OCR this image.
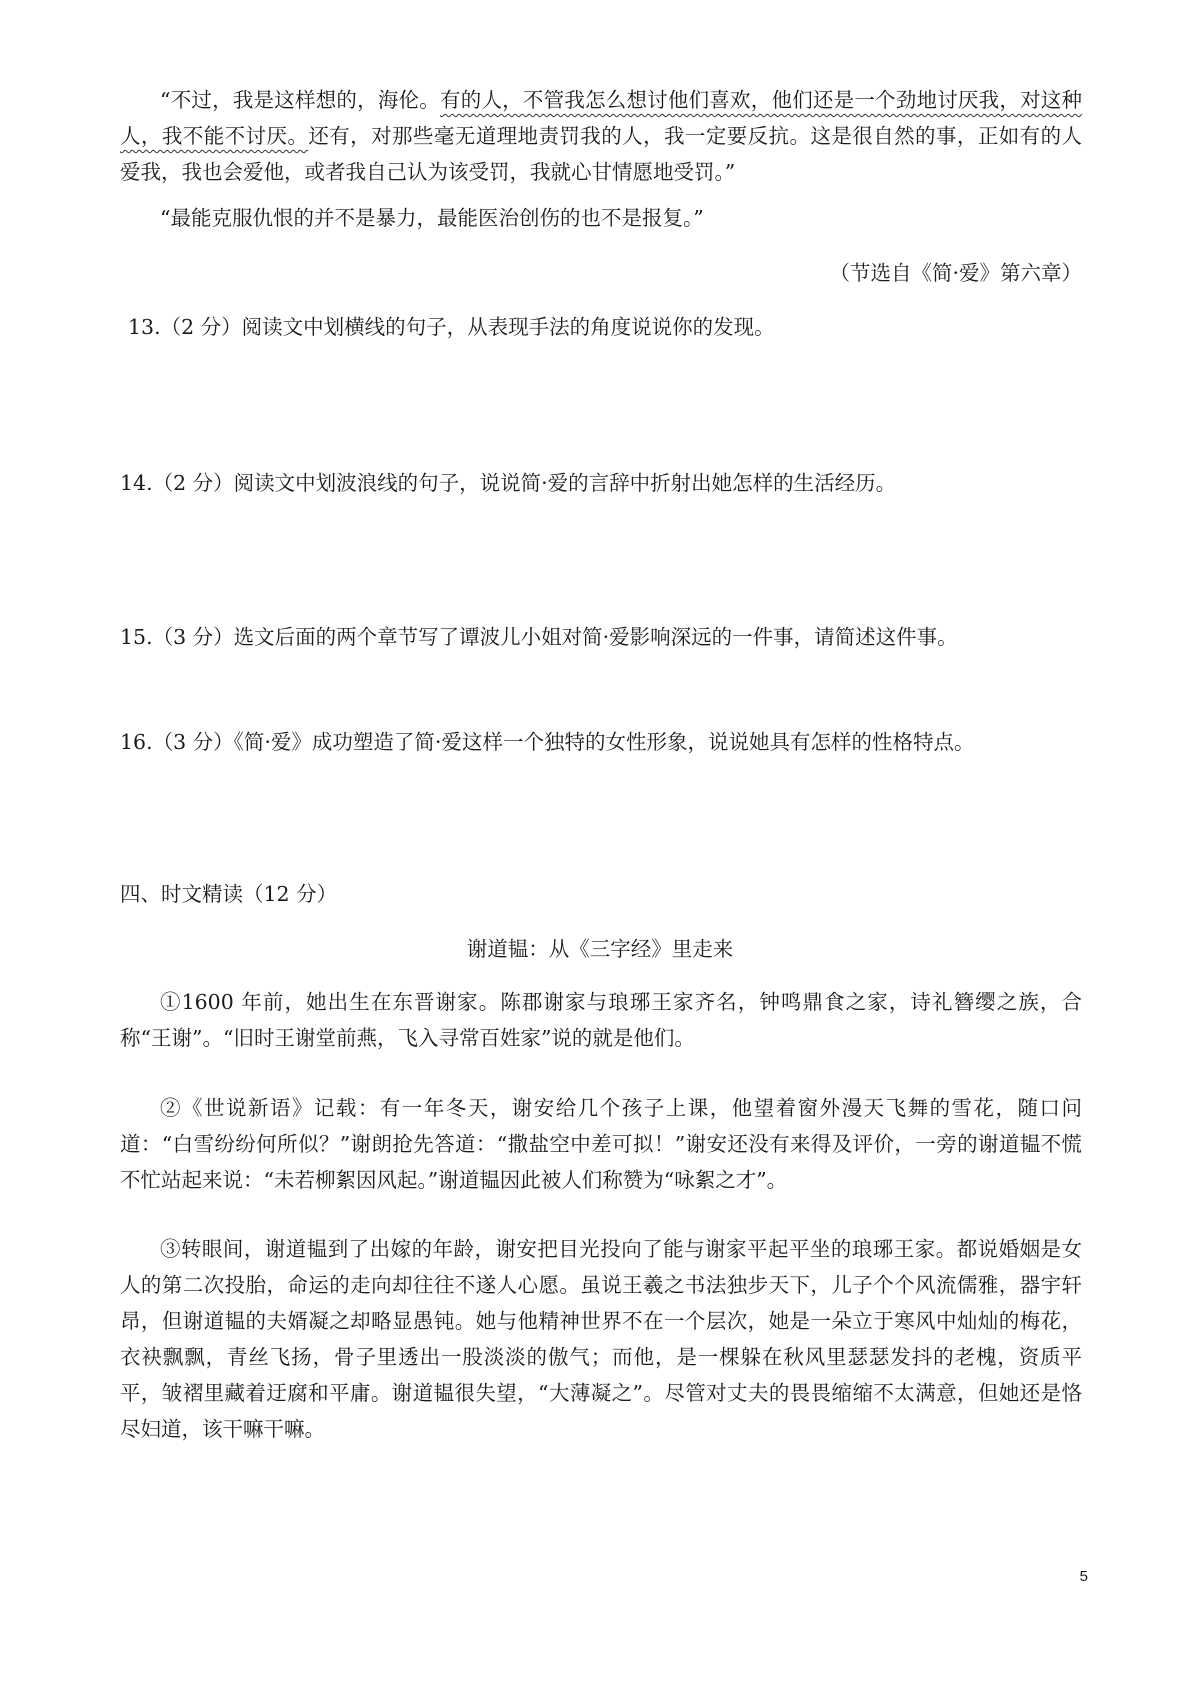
“不过，我是这样想的，海伦。有的人，不管我怎么想讨他们喜欢，他们还是一个劲地讨厌我，对这种人，我不能不讨厌。还有，对那些毫无道理地责罚我的人，我一定要反抗。这是很自然的事，正如有的人爱我，我也会爱他，或者我自己认为该受罚，我就心甘情愿地受罚。”
“最能克服仇恨的并不是暴力，最能医治创伤的也不是报复。”
（节选自《简·爱》第六章）
13.（2 分）阅读文中划横线的句子，从表现手法的角度说说你的发现。
14.（2 分）阅读文中划波浪线的句子，说说简·爱的言辞中折射出她怎样的生活经历。
15.（3 分）选文后面的两个章节写了谭波儿小姐对简·爱影响深远的一件事，请简述这件事。
16.（3 分）《简·爱》成功塑造了简·爱这样一个独特的女性形象，说说她具有怎样的性格特点。
四、时文精读（12 分）
谢道韫：从《三字经》里走来
①1600 年前，她出生在东晋谢家。陈郡谢家与琅琊王家齐名，钟鸣鼎食之家，诗礼簪缨之族，合称“王谢”。“旧时王谢堂前燕，飞入寻常百姓家”说的就是他们。
②《世说新语》记载：有一年冬天，谢安给几个孩子上课，他望着窗外漫天飞舞的雪花，随口问道：“白雪纷纷何所似？”谢朗抢先答道：“撒盐空中差可拟！”谢安还没有来得及评价，一旁的谢道韫不慌不忙站起来说：“未若柳絮因风起。”谢道韫因此被人们称赞为“咏絮之才”。
③转眼间，谢道韫到了出嫁的年龄，谢安把目光投向了能与谢家平起平坐的琅琊王家。都说婚姻是女人的第二次投胎，命运的走向却往往不遂人心愿。虽说王羲之书法独步天下，儿子个个风流儒雅，器宇轩昂，但谢道韫的夫婿凝之却略显愚钝。她与他精神世界不在一个层次，她是一朵立于寒风中灿灿的梅花，衣袂飘飘，青丝飞扬，骨子里透出一股淡淡的傲气；而他，是一棵躲在秋风里瑟瑟发抖的老槐，资质平平，皱褶里藏着迂腐和平庸。谢道韫很失望，“大薄凝之”。尽管对丈夫的畏畏缩缩不太满意，但她还是恪尽妇道，该干嘛干嘛。
5
